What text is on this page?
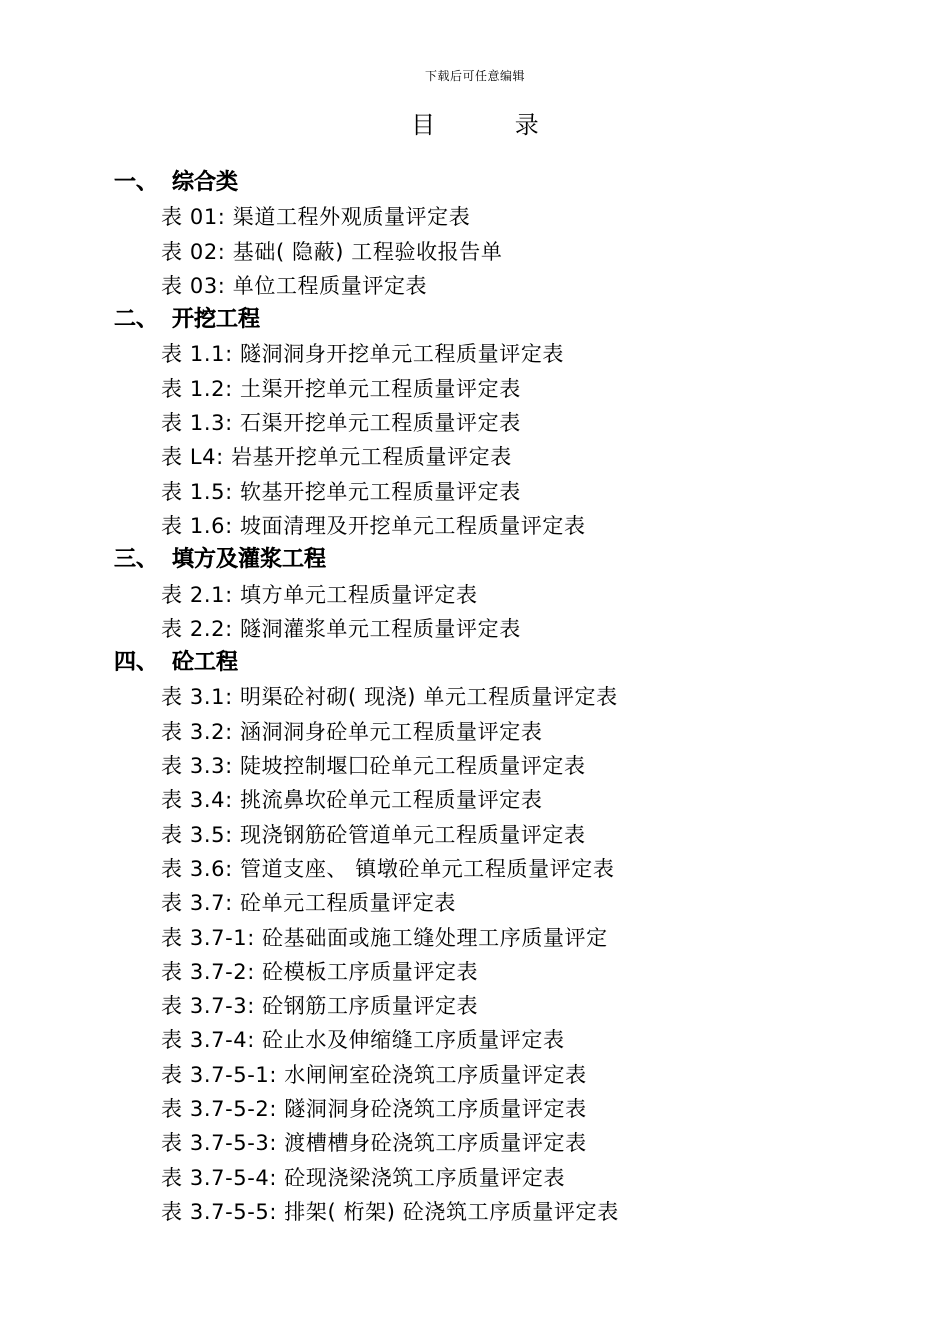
下载后可任意编辑
目 录
一、 综合类
表 01: 渠道工程外观质量评定表
表 02: 基础( 隐蔽) 工程验收报告单
表 03: 单位工程质量评定表
二、 开挖工程
表 1.1: 隧洞洞身开挖单元工程质量评定表
表 1.2: 土渠开挖单元工程质量评定表
表 1.3: 石渠开挖单元工程质量评定表
表 L4: 岩基开挖单元工程质量评定表
表 1.5: 软基开挖单元工程质量评定表
表 1.6: 坡面清理及开挖单元工程质量评定表
三、 填方及灌浆工程
表 2.1: 填方单元工程质量评定表
表 2.2: 隧洞灌浆单元工程质量评定表
四、 砼工程
表 3.1: 明渠砼衬砌( 现浇) 单元工程质量评定表
表 3.2: 涵洞洞身砼单元工程质量评定表
表 3.3: 陡坡控制堰囗砼单元工程质量评定表
表 3.4: 挑流鼻坎砼单元工程质量评定表
表 3.5: 现浇钢筋砼管道单元工程质量评定表
表 3.6: 管道支座、 镇墩砼单元工程质量评定表
表 3.7: 砼单元工程质量评定表
表 3.7-1: 砼基础面或施工缝处理工序质量评定
表 3.7-2: 砼模板工序质量评定表
表 3.7-3: 砼钢筋工序质量评定表
表 3.7-4: 砼止水及伸缩缝工序质量评定表
表 3.7-5-1: 水闸闸室砼浇筑工序质量评定表
表 3.7-5-2: 隧洞洞身砼浇筑工序质量评定表
表 3.7-5-3: 渡槽槽身砼浇筑工序质量评定表
表 3.7-5-4: 砼现浇梁浇筑工序质量评定表
表 3.7-5-5: 排架( 桁架) 砼浇筑工序质量评定表
